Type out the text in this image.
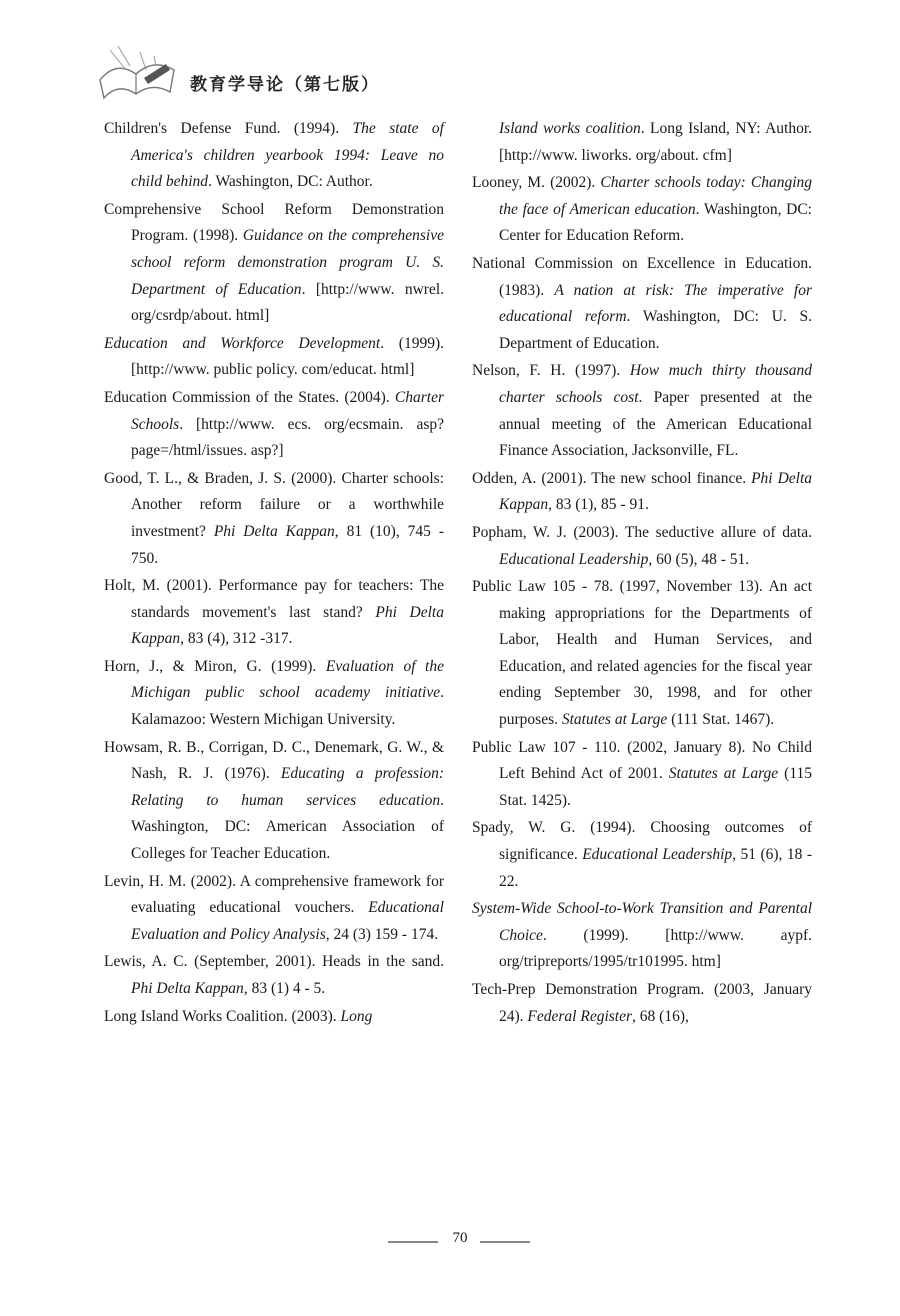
教育学导论（第七版）

Children's Defense Fund. (1994). The state of America's children yearbook 1994: Leave no child behind. Washington, DC: Author.

Comprehensive School Reform Demonstration Program. (1998). Guidance on the comprehensive school reform demonstration program U. S. Department of Education. [http://www. nwrel. org/csrdp/about. html]

Education and Workforce Development. (1999). [http://www. public policy. com/educat. html]

Education Commission of the States. (2004). Charter Schools. [http://www. ecs. org/ecsmain. asp? page=/html/issues. asp?]

Good, T. L., & Braden, J. S. (2000). Charter schools: Another reform failure or a worthwhile investment? Phi Delta Kappan, 81 (10), 745 - 750.

Holt, M. (2001). Performance pay for teachers: The standards movement's last stand? Phi Delta Kappan, 83 (4), 312 -317.

Horn, J., & Miron, G. (1999). Evaluation of the Michigan public school academy initiative. Kalamazoo: Western Michigan University.

Howsam, R. B., Corrigan, D. C., Denemark, G. W., & Nash, R. J. (1976). Educating a profession: Relating to human services education. Washington, DC: American Association of Colleges for Teacher Education.

Levin, H. M. (2002). A comprehensive framework for evaluating educational vouchers. Educational Evaluation and Policy Analysis, 24 (3) 159 - 174.

Lewis, A. C. (September, 2001). Heads in the sand. Phi Delta Kappan, 83 (1) 4 - 5.

Long Island Works Coalition. (2003). Long

Island works coalition. Long Island, NY: Author. [http://www. liworks. org/about. cfm]

Looney, M. (2002). Charter schools today: Changing the face of American education. Washington, DC: Center for Education Reform.

National Commission on Excellence in Education. (1983). A nation at risk: The imperative for educational reform. Washington, DC: U. S. Department of Education.

Nelson, F. H. (1997). How much thirty thousand charter schools cost. Paper presented at the annual meeting of the American Educational Finance Association, Jacksonville, FL.

Odden, A. (2001). The new school finance. Phi Delta Kappan, 83 (1), 85 - 91.

Popham, W. J. (2003). The seductive allure of data. Educational Leadership, 60 (5), 48 - 51.

Public Law 105 - 78. (1997, November 13). An act making appropriations for the Departments of Labor, Health and Human Services, and Education, and related agencies for the fiscal year ending September 30, 1998, and for other purposes. Statutes at Large (111 Stat. 1467).

Public Law 107 - 110. (2002, January 8). No Child Left Behind Act of 2001. Statutes at Large (115 Stat. 1425).

Spady, W. G. (1994). Choosing outcomes of significance. Educational Leadership, 51 (6), 18 - 22.

System-Wide School-to-Work Transition and Parental Choice. (1999). [http://www. aypf. org/tripreports/1995/tr101995. htm]

Tech-Prep Demonstration Program. (2003, January 24). Federal Register, 68 (16),

70
